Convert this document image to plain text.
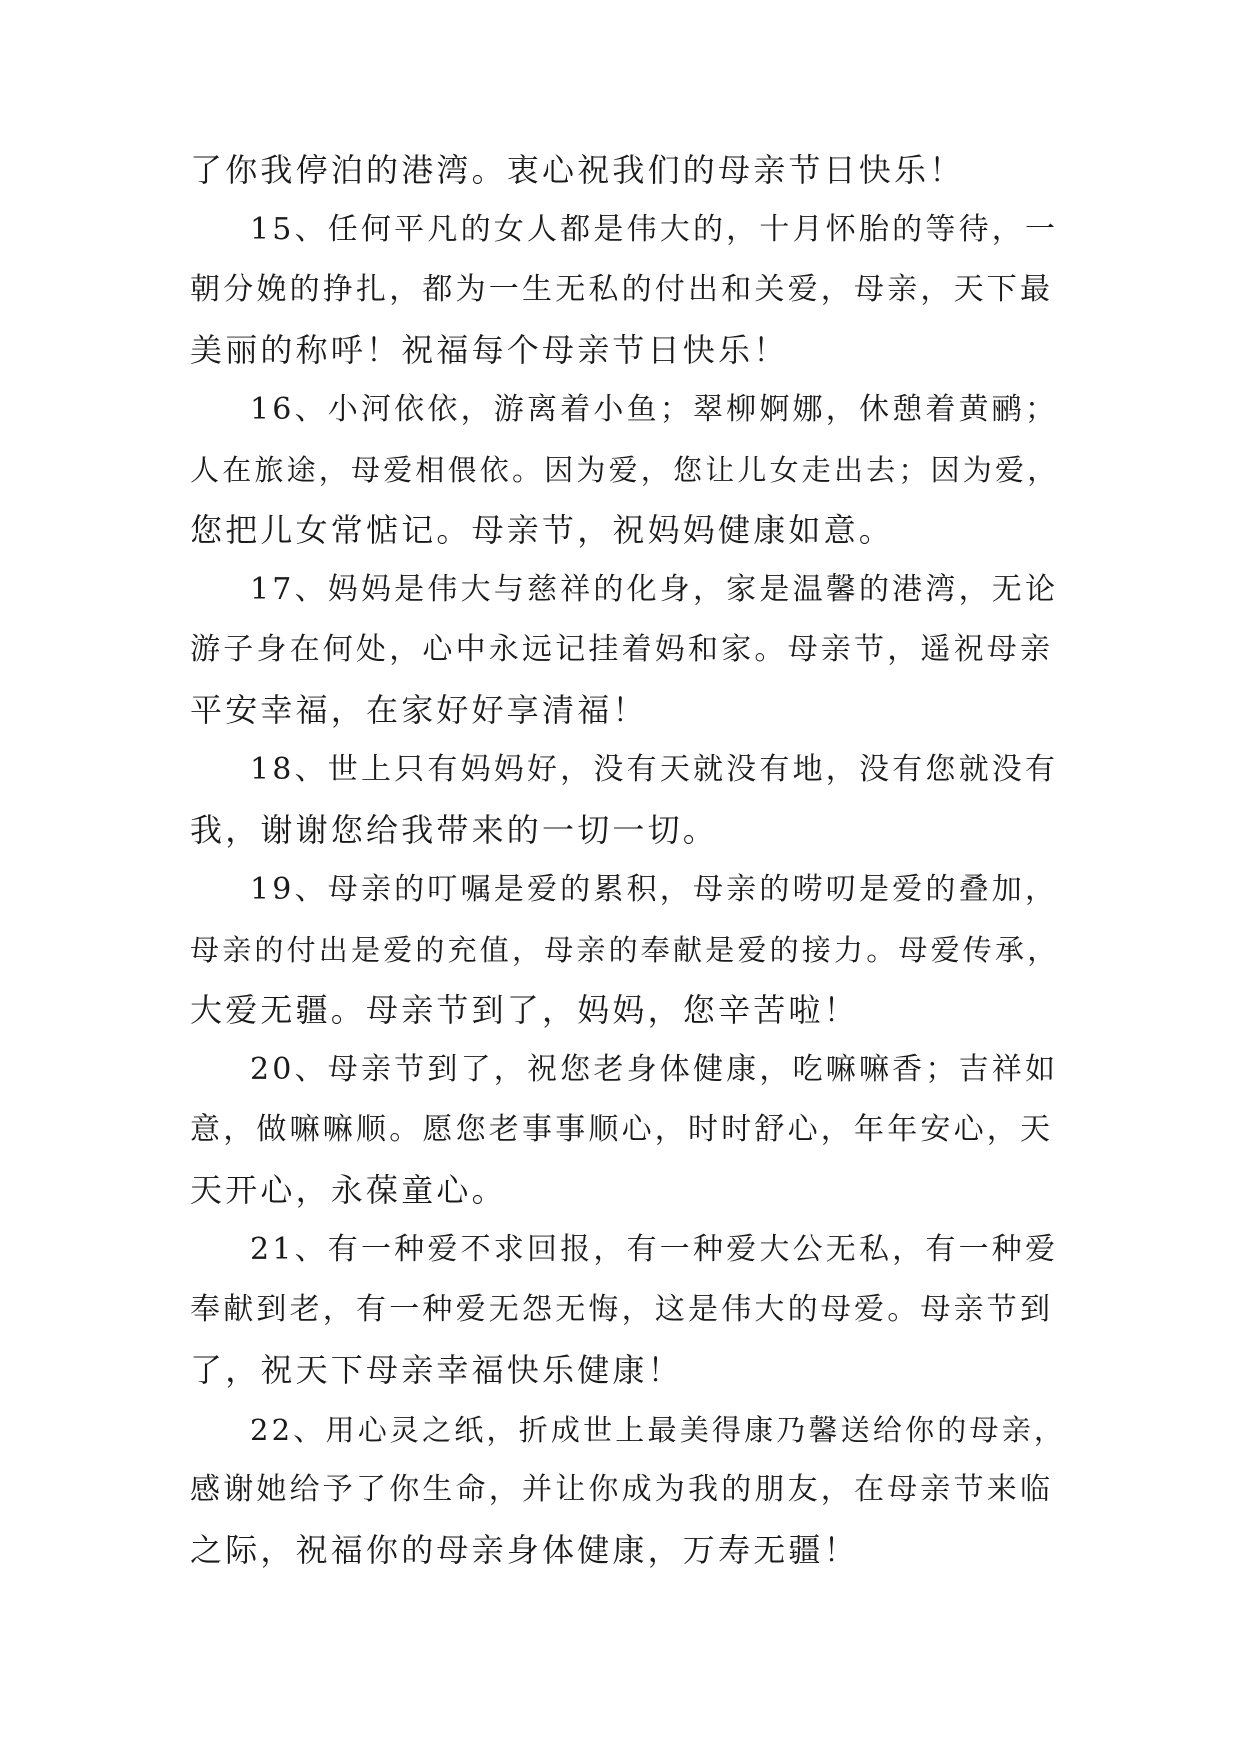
了你我停泊的港湾。衷心祝我们的母亲节日快乐！
15、任何平凡的女人都是伟大的，十月怀胎的等待，一
朝分娩的挣扎，都为一生无私的付出和关爱，母亲，天下最
美丽的称呼！祝福每个母亲节日快乐！
16、小河依依，游离着小鱼；翠柳婀娜，休憩着黄鹂；
人在旅途，母爱相偎依。因为爱，您让儿女走出去；因为爱，
您把儿女常惦记。母亲节，祝妈妈健康如意。
17、妈妈是伟大与慈祥的化身，家是温馨的港湾，无论
游子身在何处，心中永远记挂着妈和家。母亲节，遥祝母亲
平安幸福，在家好好享清福！
18、世上只有妈妈好，没有天就没有地，没有您就没有
我，谢谢您给我带来的一切一切。
19、母亲的叮嘱是爱的累积，母亲的唠叨是爱的叠加，
母亲的付出是爱的充值，母亲的奉献是爱的接力。母爱传承，
大爱无疆。母亲节到了，妈妈，您辛苦啦！
20、母亲节到了，祝您老身体健康，吃嘛嘛香；吉祥如
意，做嘛嘛顺。愿您老事事顺心，时时舒心，年年安心，天
天开心，永葆童心。
21、有一种爱不求回报，有一种爱大公无私，有一种爱
奉献到老，有一种爱无怨无悔，这是伟大的母爱。母亲节到
了，祝天下母亲幸福快乐健康！
22、用心灵之纸，折成世上最美得康乃馨送给你的母亲，
感谢她给予了你生命，并让你成为我的朋友，在母亲节来临
之际，祝福你的母亲身体健康，万寿无疆！
